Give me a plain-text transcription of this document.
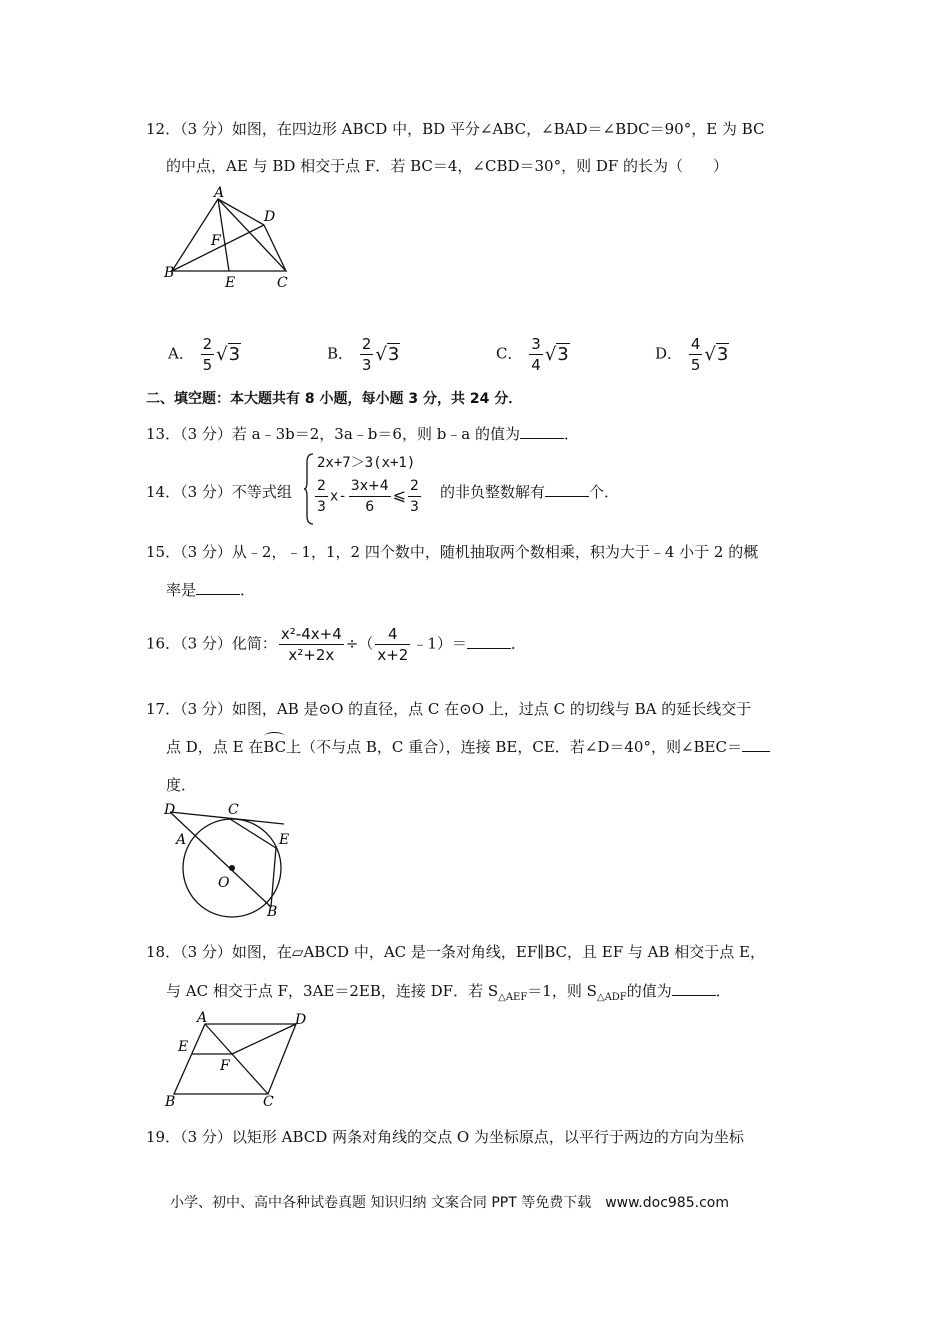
12．（3 分）如图，在四边形 ABCD 中，BD 平分∠ABC，∠BAD＝∠BDC＝90°，E 为 BC
的中点，AE 与 BD 相交于点 F．若 BC＝4，∠CBD＝30°，则 DF 的长为（　　）
A
D
F
B
E	C
A． $\frac{2}{5} √3$	B． $\frac{2}{3} √3$	C． $\frac{3}{4} √3$	D． $\frac{4}{5} √3$
二、填空题：本大题共有 8 小题，每小题 3 分，共 24 分．
13．（3 分）若 a﹣3b＝2，3a﹣b＝6，则 b﹣a 的值为	．
14．（3 分）不等式组
2x+7＞3(x+1)
$\frac{2}{3} x- \frac{3x+4}{6}$ ⩽ $\frac{2}{3}$ 的非负整数解有	个．
15．（3 分）从﹣2，﹣1，1，2 四个数中，随机抽取两个数相乘，积为大于﹣4 小于 2 的概
率是	．
16．（3 分）化简： $\frac{\text{x²-4x+4}}{\text{x²+2x}}$ ÷（ $\frac{4}{x+2}$ ﹣1）＝	．
17．（3 分）如图，AB 是⊙O 的直径，点 C 在⊙O 上，过点 C 的切线与 BA 的延长线交于
点 D，点 E 在BC上（不与点 B，C 重合），连接 BE，CE．若∠D＝40°，则∠BEC＝
度．
D	C
E
A
O
B
18．（3 分）如图，在▱ABCD 中，AC 是一条对角线，EF∥BC，且 EF 与 AB 相交于点 E，
与 AC 相交于点 F，3AE＝2EB，连接 DF．若 $S_{\triangle AEF}=1$，则 $S_{\triangle ADF}$的值为	．
A	D
E
F
B	C
19．（3 分）以矩形 ABCD 两条对角线的交点 O 为坐标原点，以平行于两边的方向为坐标
小学、初中、高中各种试卷真题 知识归纳 文案合同 PPT 等免费下载　www.doc985.com
